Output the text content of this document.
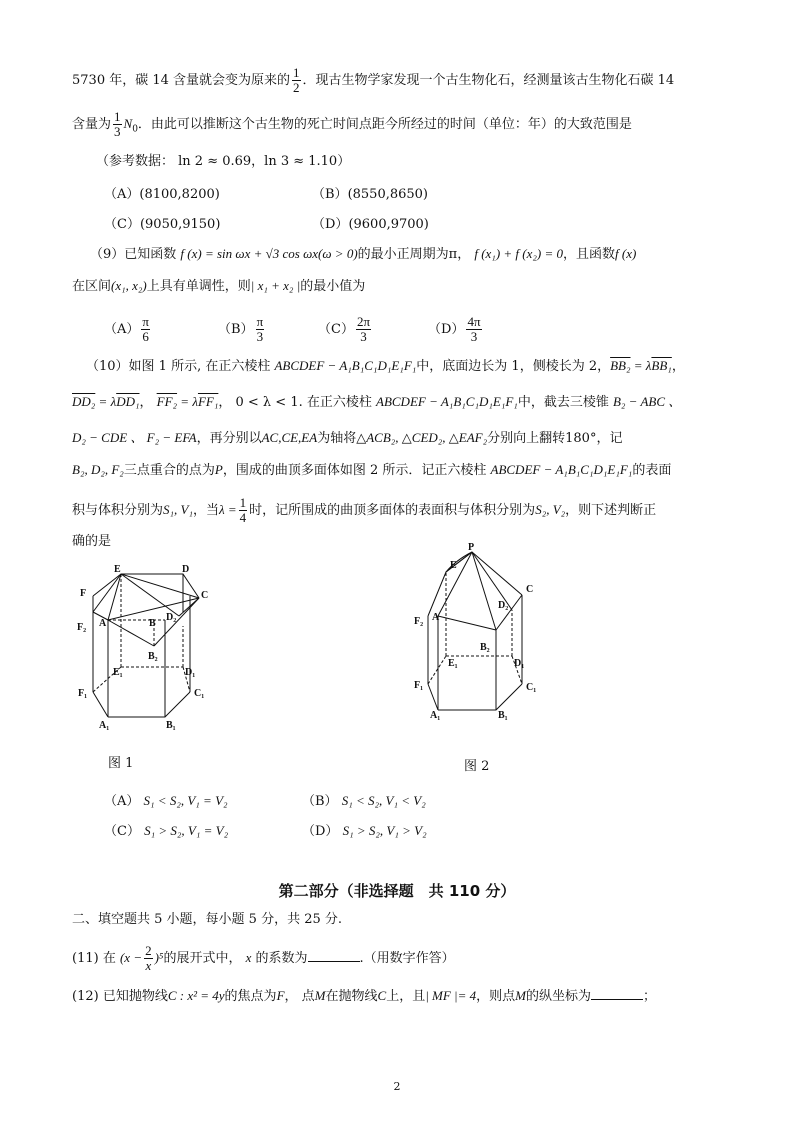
5730 年，碳 14 含量就会变为原来的 $\frac{1}{2}$ ．现古生物学家发现一个古生物化石，经测量该古生物化石碳 14
含量为 $\frac{1}{3} N_0$．由此可以推断这个古生物的死亡时间点距今所经过的时间（单位：年）的大致范围是
（参考数据： ln 2 ≈ 0.69，ln 3 ≈ 1.10）
（A）(8100,8200)	（B）(8550,8650)
（C）(9050,9150)	（D）(9600,9700)
（9）已知函数 f (x) = sin ωx + √3 cos ωx(ω > 0)的最小正周期为π， f (x₁) + f (x₂) = 0，且函数f (x)
在区间(x₁, x₂)上具有单调性，则| x₁ + x₂ |的最小值为
$(A) \frac{\pi}{6}$	$(B) \frac{\pi}{3}$	$(C) \frac{2\pi}{3}$	$(D) \frac{4\pi}{3}$
（10）如图 1 所示, 在正六棱柱 ABCDEF − A₁B₁C₁D₁E₁F₁中，底面边长为 1，侧棱长为 2，BB₂ = λBB₁，
DD₂ = λDD₁， FF₂ = λFF₁， 0 < λ < 1. 在正六棱柱 ABCDEF − A₁B₁C₁D₁E₁F₁中，截去三棱锥 B₂ − ABC 、
D₂ − CDE 、 F₂ − EFA，再分别以AC,CE,EA为轴将△ACB₂, △CED₂, △EAF₂分别向上翻转180°，记
B₂, D₂, F₂三点重合的点为P，围成的曲顶多面体如图 2 所示．记正六棱柱 ABCDEF − A₁B₁C₁D₁E₁F₁的表面
积与体积分别为S₁, V₁，当$\lambda = \frac{1}{4}$ 时，记所围成的曲顶多面体的表面积与体积分别为S₂, V₂，则下述判断正
确的是
E	D
F	C
F₂ A	B
D₂
B₂
E₁	D₁
F₁	C₁
A₁	B₁
图 1
P
E
C
D₂
F₂ A
B₂
E₁	D₁
F₁	C₁
A₁	B₁
图 2
（A） S₁ < S₂, V₁ = V₂	（B） S₁ < S₂, V₁ < V₂
（C） S₁ > S₂, V₁ = V₂	（D） S₁ > S₂, V₁ > V₂
第二部分（非选择题　共 110 分）
二、填空题共 5 小题，每小题 5 分，共 25 分.
(11) 在 $(x - \frac{2}{x} )^5$的展开式中， x 的系数为	.（用数字作答）
(12) 已知抛物线C : x² = 4y的焦点为F， 点M在抛物线C上，且| MF |= 4，则点M的纵坐标为	；
2
